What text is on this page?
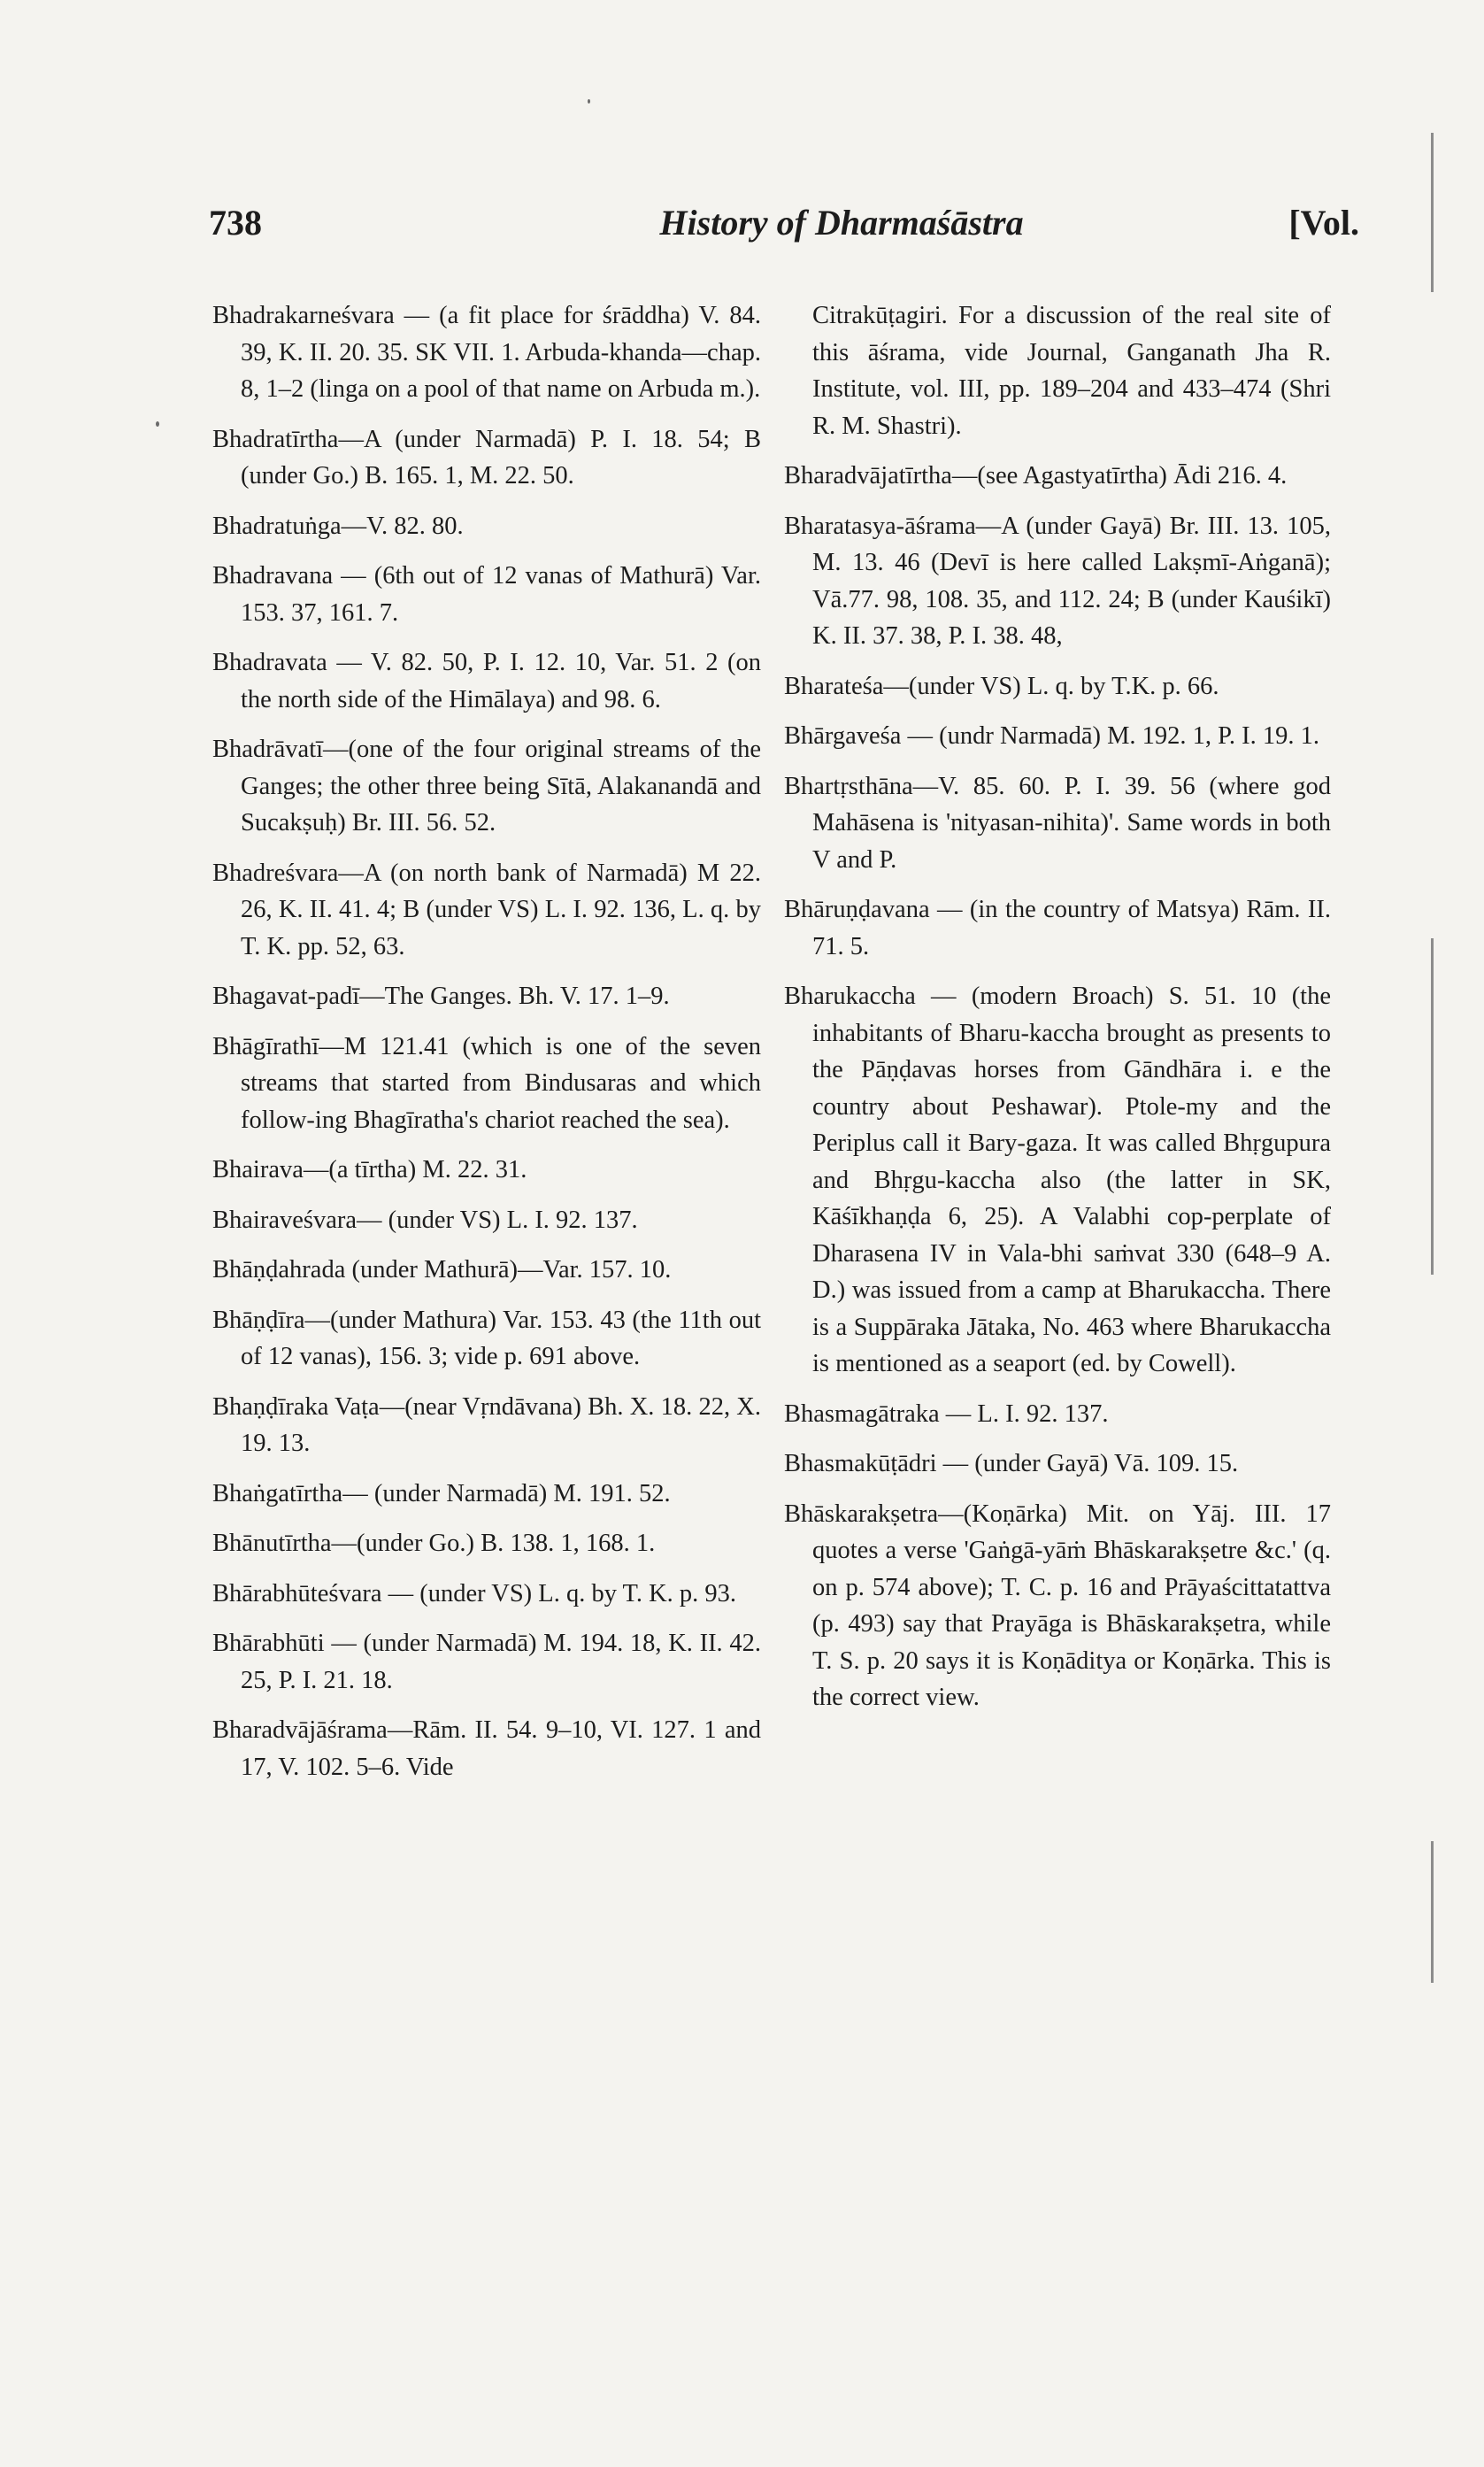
738	History of Dharmaśāstra	[Vol.

Bhadrakarneśvara — (a fit place for śrāddha) V. 84. 39, K. II. 20. 35. SK VII. 1. Arbuda-khanda—chap. 8, 1–2 (linga on a pool of that name on Arbuda m.).

Bhadratīrtha—A (under Narmadā) P. I. 18. 54; B (under Go.) B. 165. 1, M. 22. 50.

Bhadratuṅga—V. 82. 80.

Bhadravana — (6th out of 12 vanas of Mathurā) Var. 153. 37, 161. 7.

Bhadravata — V. 82. 50, P. I. 12. 10, Var. 51. 2 (on the north side of the Himālaya) and 98. 6.

Bhadrāvatī—(one of the four original streams of the Ganges; the other three being Sītā, Alakanandā and Sucakṣuḥ) Br. III. 56. 52.

Bhadreśvara—A (on north bank of Narmadā) M 22. 26, K. II. 41. 4; B (under VS) L. I. 92. 136, L. q. by T. K. pp. 52, 63.

Bhagavat-padī—The Ganges. Bh. V. 17. 1–9.

Bhāgīrathī—M 121.41 (which is one of the seven streams that started from Bindusaras and which follow-ing Bhagīratha's chariot reached the sea).

Bhairava—(a tīrtha) M. 22. 31.

Bhairaveśvara— (under VS) L. I. 92. 137.

Bhāṇḍahrada (under Mathurā)—Var. 157. 10.

Bhāṇḍīra—(under Mathura) Var. 153. 43 (the 11th out of 12 vanas), 156. 3; vide p. 691 above.

Bhaṇḍīraka Vaṭa—(near Vṛndāvana) Bh. X. 18. 22, X. 19. 13.

Bhaṅgatīrtha— (under Narmadā) M. 191. 52.

Bhānutīrtha—(under Go.) B. 138. 1, 168. 1.

Bhārabhūteśvara — (under VS) L. q. by T. K. p. 93.

Bhārabhūti — (under Narmadā) M. 194. 18, K. II. 42. 25, P. I. 21. 18.

Bharadvājāśrama—Rām. II. 54. 9–10, VI. 127. 1 and 17, V. 102. 5–6. Vide

Citrakūṭagiri. For a discussion of the real site of this āśrama, vide Journal, Ganganath Jha R. Institute, vol. III, pp. 189–204 and 433–474 (Shri R. M. Shastri).

Bharadvājatīrtha—(see Agastyatīrtha) Ādi 216. 4.

Bharatasya-āśrama—A (under Gayā) Br. III. 13. 105, M. 13. 46 (Devī is here called Lakṣmī-Aṅganā); Vā.77. 98, 108. 35, and 112. 24; B (under Kauśikī) K. II. 37. 38, P. I. 38. 48,

Bharateśa—(under VS) L. q. by T.K. p. 66.

Bhārgaveśa — (undr Narmadā) M. 192. 1, P. I. 19. 1.

Bhartṛsthāna—V. 85. 60. P. I. 39. 56 (where god Mahāsena is 'nityasan-nihita)'. Same words in both V and P.

Bhāruṇḍavana — (in the country of Matsya) Rām. II. 71. 5.

Bharukaccha — (modern Broach) S. 51. 10 (the inhabitants of Bharu-kaccha brought as presents to the Pāṇḍavas horses from Gāndhāra i. e the country about Peshawar). Ptole-my and the Periplus call it Bary-gaza. It was called Bhṛgupura and Bhṛgu-kaccha also (the latter in SK, Kāśīkhaṇḍa 6, 25). A Valabhi cop-perplate of Dharasena IV in Vala-bhi saṁvat 330 (648–9 A. D.) was issued from a camp at Bharukaccha. There is a Suppāraka Jātaka, No. 463 where Bharukaccha is mentioned as a seaport (ed. by Cowell).

Bhasmagātraka — L. I. 92. 137.

Bhasmakūṭādri — (under Gayā) Vā. 109. 15.

Bhāskarakṣetra—(Koṇārka) Mit. on Yāj. III. 17 quotes a verse 'Gaṅgā-yāṁ Bhāskarakṣetre &c.' (q. on p. 574 above); T. C. p. 16 and Prāyaścittatattva (p. 493) say that Prayāga is Bhāskarakṣetra, while T. S. p. 20 says it is Koṇāditya or Koṇārka. This is the correct view.
